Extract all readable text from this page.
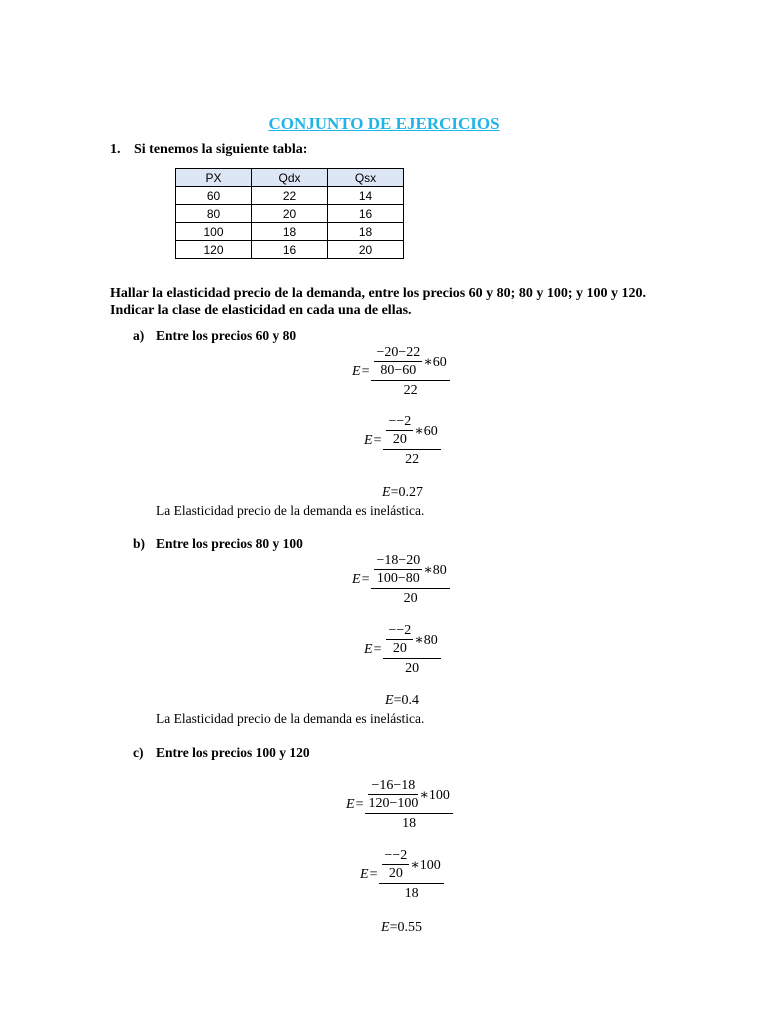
CONJUNTO DE EJERCICIOS
1. Si tenemos la siguiente tabla:
PX	Qdx	Qsx
60	22	14
80	20	16
100	18	18
120	16	20
Hallar la elasticidad precio de la demanda, entre los precios 60 y 80; 80 y 100; y 100 y 120.
Indicar la clase de elasticidad en cada una de ellas.
a) Entre los precios 60 y 80
$E = \frac{\frac{-20-22}{80-60} ∗60}{22}$
$E = \frac{\frac{--2}{20} ∗60}{22}$
E=0.27
La Elasticidad precio de la demanda es inelástica.
b) Entre los precios 80 y 100
$E = \frac{\frac{-18-20}{100-80} ∗80}{20}$
$E = \frac{\frac{--2}{20} ∗80}{20}$
E=0.4
La Elasticidad precio de la demanda es inelástica.
c) Entre los precios 100 y 120
$E = \frac{\frac{-16-18}{120-100} ∗100}{18}$
$E = \frac{\frac{--2}{20} ∗100}{18}$
E=0.55
